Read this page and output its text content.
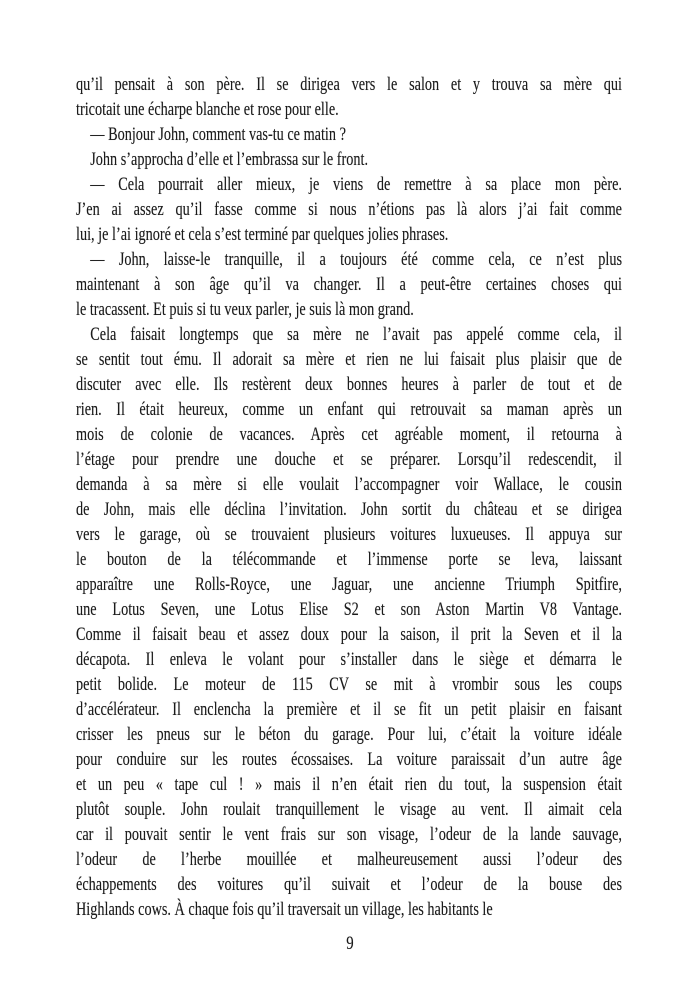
qu’il pensait à son père. Il se dirigea vers le salon et y trouva sa mère qui
tricotait une écharpe blanche et rose pour elle.
— Bonjour John, comment vas-tu ce matin ?
John s’approcha d’elle et l’embrassa sur le front.
— Cela pourrait aller mieux, je viens de remettre à sa place mon père.
J’en ai assez qu’il fasse comme si nous n’étions pas là alors j’ai fait comme
lui, je l’ai ignoré et cela s’est terminé par quelques jolies phrases.
— John, laisse-le tranquille, il a toujours été comme cela, ce n’est plus
maintenant à son âge qu’il va changer. Il a peut-être certaines choses qui
le tracassent. Et puis si tu veux parler, je suis là mon grand.
Cela faisait longtemps que sa mère ne l’avait pas appelé comme cela, il
se sentit tout ému. Il adorait sa mère et rien ne lui faisait plus plaisir que de
discuter avec elle. Ils restèrent deux bonnes heures à parler de tout et de
rien. Il était heureux, comme un enfant qui retrouvait sa maman après un
mois de colonie de vacances. Après cet agréable moment, il retourna à
l’étage pour prendre une douche et se préparer. Lorsqu’il redescendit, il
demanda à sa mère si elle voulait l’accompagner voir Wallace, le cousin
de John, mais elle déclina l’invitation. John sortit du château et se dirigea
vers le garage, où se trouvaient plusieurs voitures luxueuses. Il appuya sur
le bouton de la télécommande et l’immense porte se leva, laissant
apparaître une Rolls-Royce, une Jaguar, une ancienne Triumph Spitfire,
une Lotus Seven, une Lotus Elise S2 et son Aston Martin V8 Vantage.
Comme il faisait beau et assez doux pour la saison, il prit la Seven et il la
décapota. Il enleva le volant pour s’installer dans le siège et démarra le
petit bolide. Le moteur de 115 CV se mit à vrombir sous les coups
d’accélérateur. Il enclencha la première et il se fit un petit plaisir en faisant
crisser les pneus sur le béton du garage. Pour lui, c’était la voiture idéale
pour conduire sur les routes écossaises. La voiture paraissait d’un autre âge
et un peu « tape cul ! » mais il n’en était rien du tout, la suspension était
plutôt souple. John roulait tranquillement le visage au vent. Il aimait cela
car il pouvait sentir le vent frais sur son visage, l’odeur de la lande sauvage,
l’odeur de l’herbe mouillée et malheureusement aussi l’odeur des
échappements des voitures qu’il suivait et l’odeur de la bouse des
Highlands cows. À chaque fois qu’il traversait un village, les habitants le
9
